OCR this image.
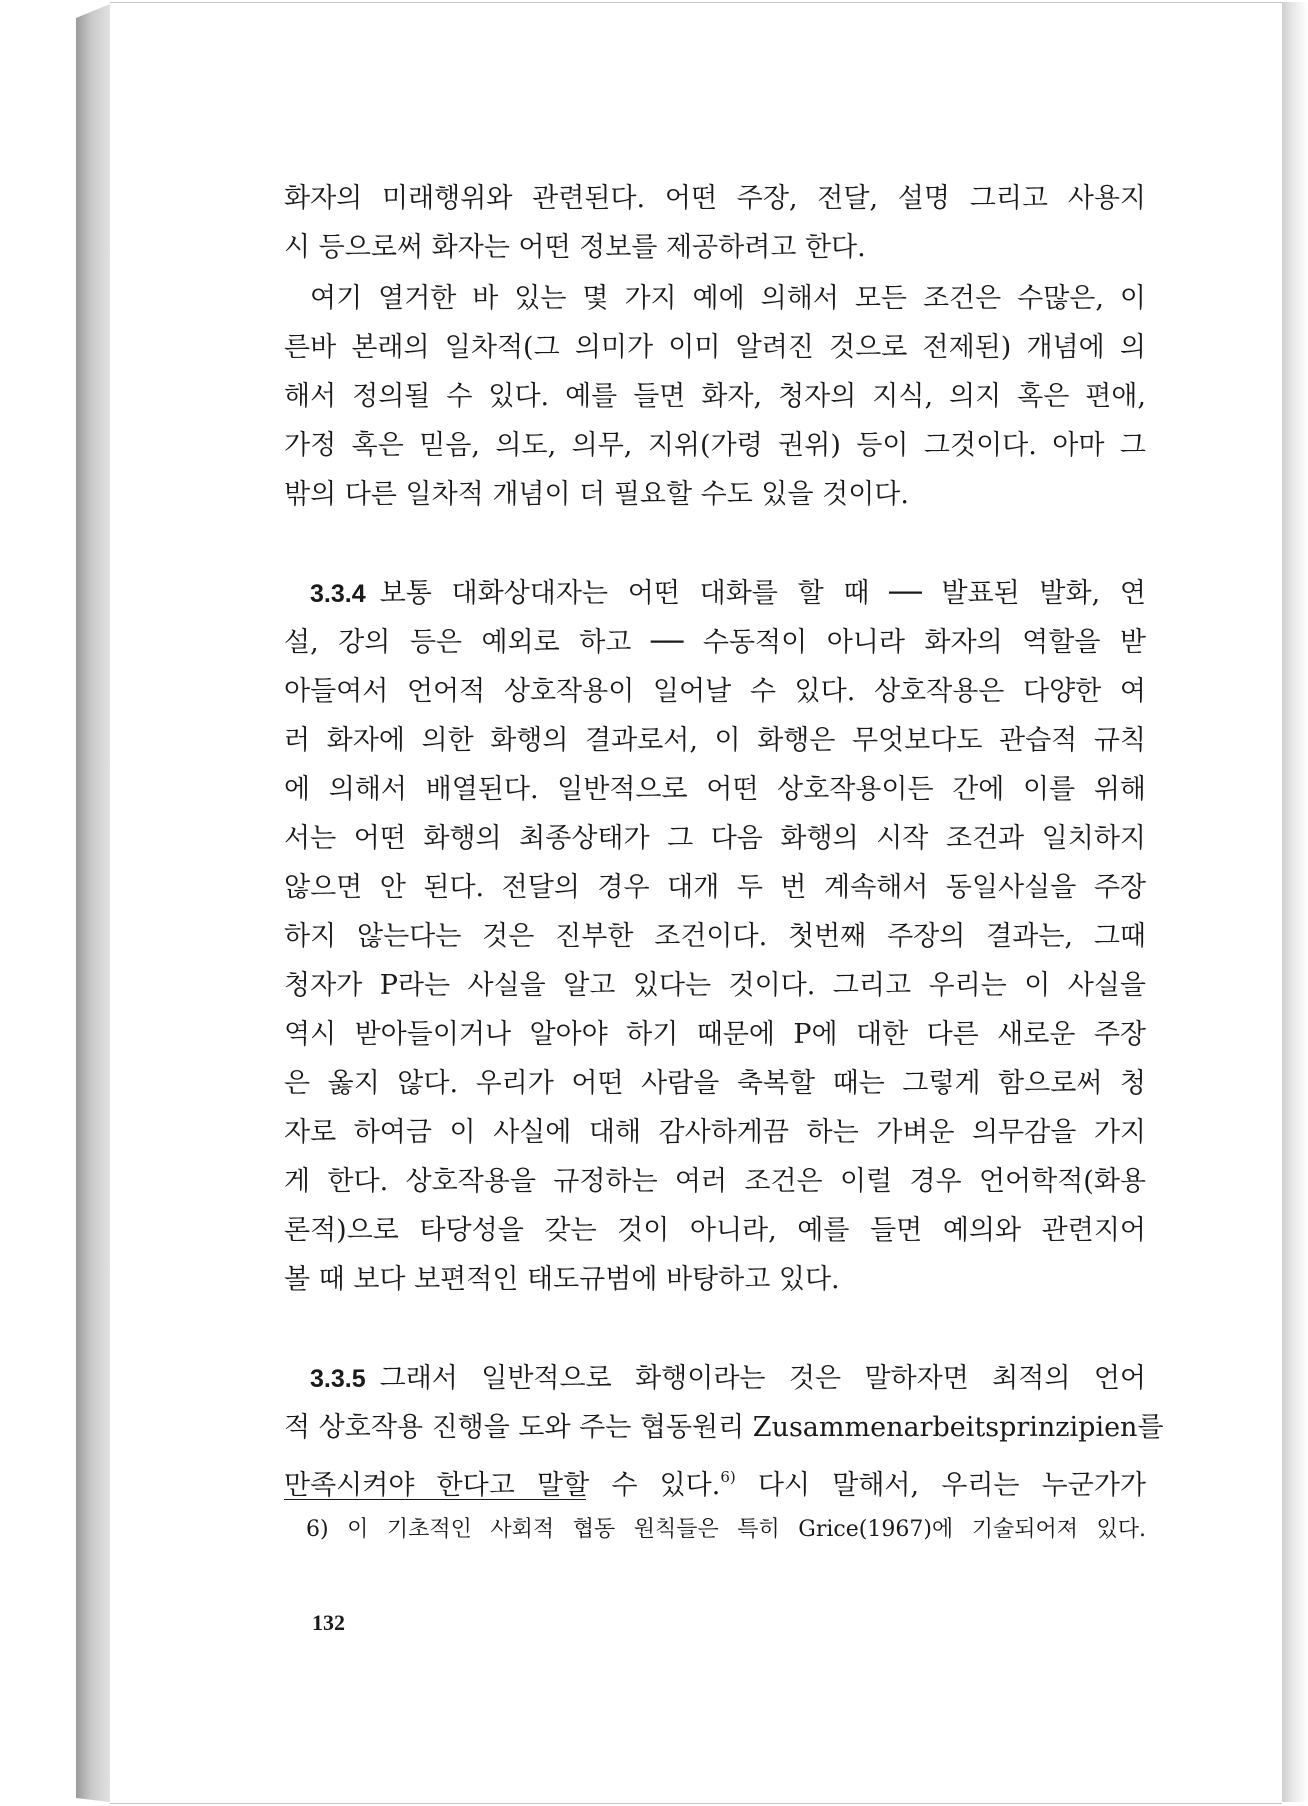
화자의 미래행위와 관련된다. 어떤 주장, 전달, 설명 그리고 사용지
시 등으로써 화자는 어떤 정보를 제공하려고 한다.
여기 열거한 바 있는 몇 가지 예에 의해서 모든 조건은 수많은, 이
른바 본래의 일차적(그 의미가 이미 알려진 것으로 전제된) 개념에 의
해서 정의될 수 있다. 예를 들면 화자, 청자의 지식, 의지 혹은 편애,
가정 혹은 믿음, 의도, 의무, 지위(가령 권위) 등이 그것이다. 아마 그
밖의 다른 일차적 개념이 더 필요할 수도 있을 것이다.
3.3.4 보통 대화상대자는 어떤 대화를 할 때 ── 발표된 발화, 연
설, 강의 등은 예외로 하고 ── 수동적이 아니라 화자의 역할을 받
아들여서 언어적 상호작용이 일어날 수 있다. 상호작용은 다양한 여
러 화자에 의한 화행의 결과로서, 이 화행은 무엇보다도 관습적 규칙
에 의해서 배열된다. 일반적으로 어떤 상호작용이든 간에 이를 위해
서는 어떤 화행의 최종상태가 그 다음 화행의 시작 조건과 일치하지
않으면 안 된다. 전달의 경우 대개 두 번 계속해서 동일사실을 주장
하지 않는다는 것은 진부한 조건이다. 첫번째 주장의 결과는, 그때
청자가 P라는 사실을 알고 있다는 것이다. 그리고 우리는 이 사실을
역시 받아들이거나 알아야 하기 때문에 P에 대한 다른 새로운 주장
은 옳지 않다. 우리가 어떤 사람을 축복할 때는 그렇게 함으로써 청
자로 하여금 이 사실에 대해 감사하게끔 하는 가벼운 의무감을 가지
게 한다. 상호작용을 규정하는 여러 조건은 이럴 경우 언어학적(화용
론적)으로 타당성을 갖는 것이 아니라, 예를 들면 예의와 관련지어
볼 때 보다 보편적인 태도규범에 바탕하고 있다.
3.3.5 그래서 일반적으로 화행이라는 것은 말하자면 최적의 언어
적 상호작용 진행을 도와 주는 협동원리 Zusammenarbeitsprinzipien를
만족시켜야 한다고 말할 수 있다.$^{6)}$ 다시 말해서, 우리는 누군가가
6) 이 기초적인 사회적 협동 원칙들은 특히 Grice(1967)에 기술되어져 있다.
132
